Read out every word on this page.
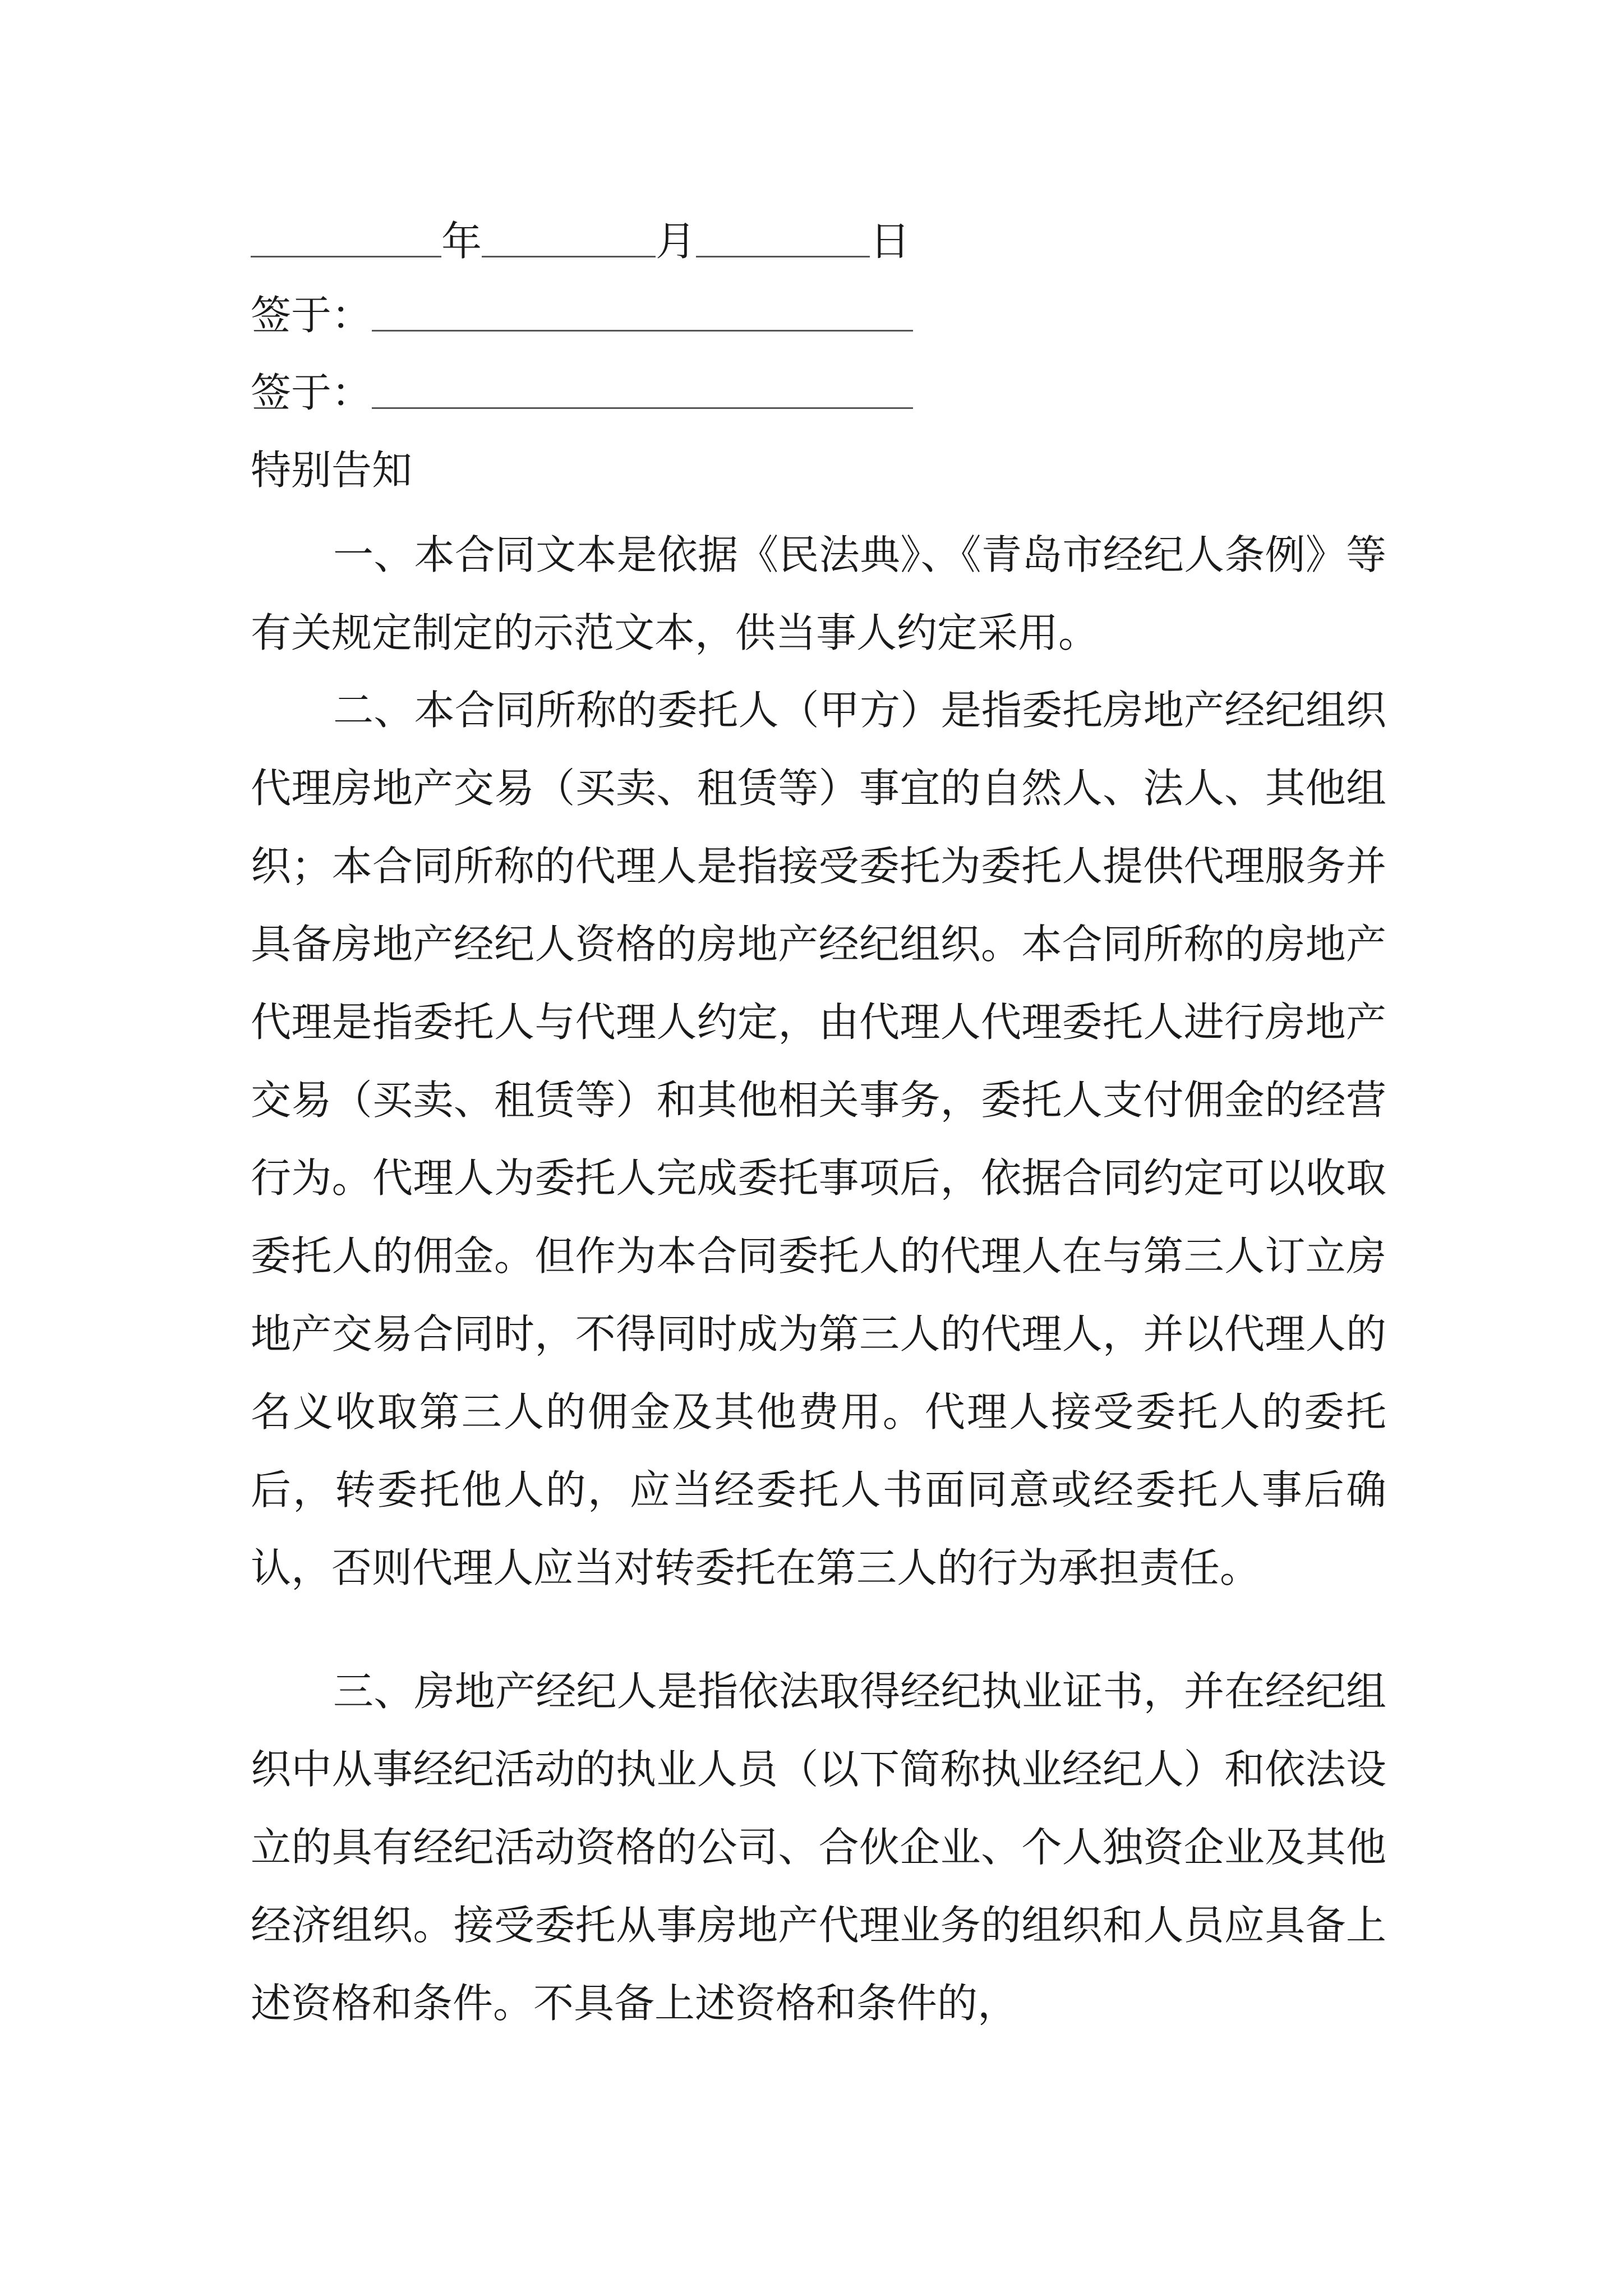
年	月	日
签于：
签于：
特别告知

一、本合同文本是依据《民法典》、《青岛市经纪人条例》等有关规定制定的示范文本，供当事人约定采用。

二、本合同所称的委托人（甲方）是指委托房地产经纪组织代理房地产交易（买卖、租赁等）事宜的自然人、法人、其他组织；本合同所称的代理人是指接受委托为委托人提供代理服务并具备房地产经纪人资格的房地产经纪组织。本合同所称的房地产代理是指委托人与代理人约定，由代理人代理委托人进行房地产交易（买卖、租赁等）和其他相关事务，委托人支付佣金的经营行为。代理人为委托人完成委托事项后，依据合同约定可以收取委托人的佣金。但作为本合同委托人的代理人在与第三人订立房地产交易合同时，不得同时成为第三人的代理人，并以代理人的名义收取第三人的佣金及其他费用。代理人接受委托人的委托后，转委托他人的，应当经委托人书面同意或经委托人事后确认，否则代理人应当对转委托在第三人的行为承担责任。

三、房地产经纪人是指依法取得经纪执业证书，并在经纪组织中从事经纪活动的执业人员（以下简称执业经纪人）和依法设立的具有经纪活动资格的公司、合伙企业、个人独资企业及其他经济组织。接受委托从事房地产代理业务的组织和人员应具备上述资格和条件。不具备上述资格和条件的，
